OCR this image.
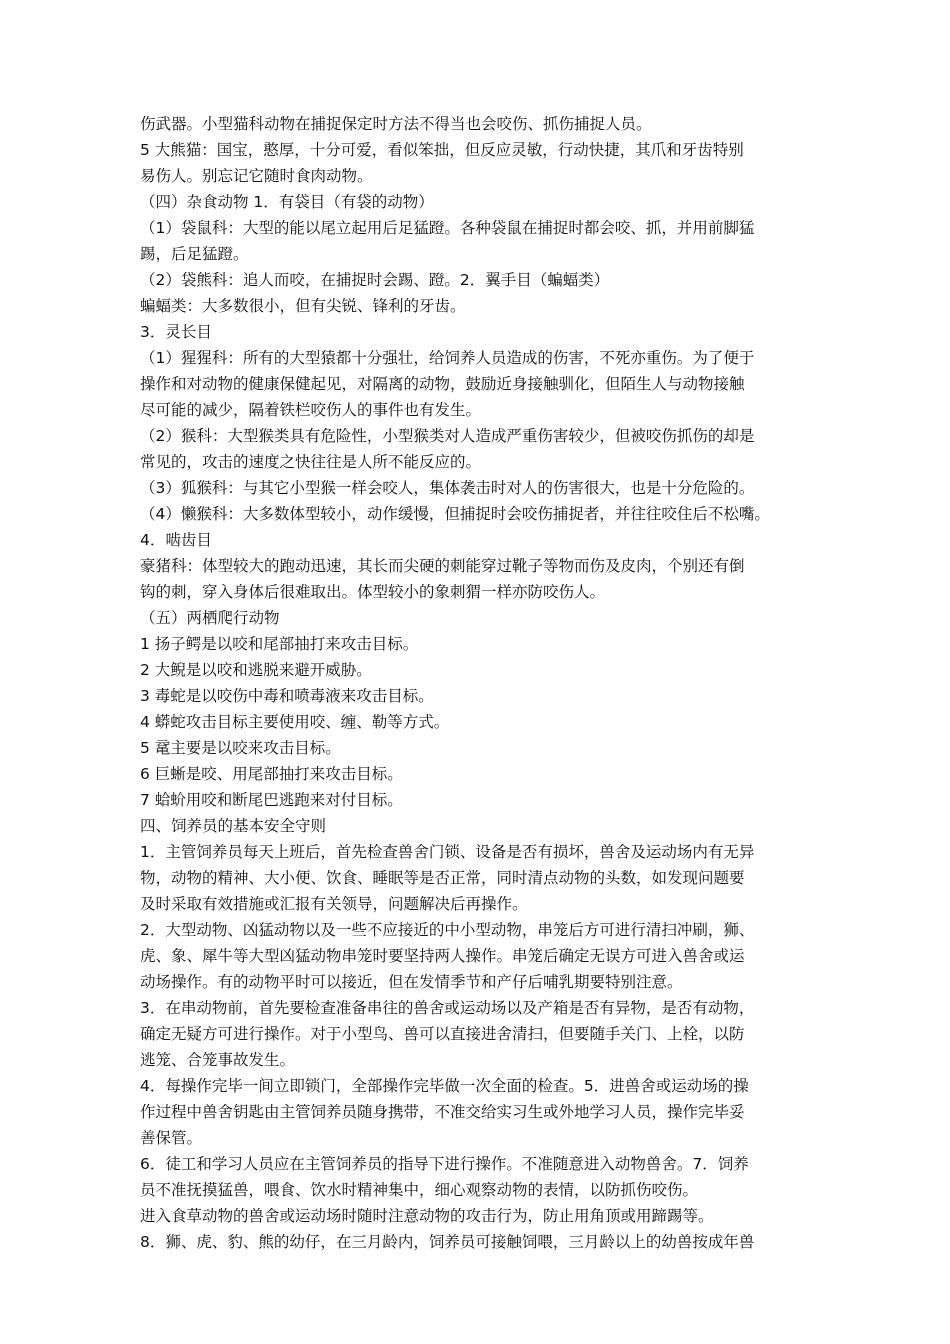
伤武器。小型猫科动物在捕捉保定时方法不得当也会咬伤、抓伤捕捉人员。
5 大熊猫：国宝，憨厚，十分可爱，看似笨拙，但反应灵敏，行动快捷，其爪和牙齿特别
易伤人。别忘记它随时食肉动物。
（四）杂食动物 1．有袋目（有袋的动物）
（1）袋鼠科：大型的能以尾立起用后足猛蹬。各种袋鼠在捕捉时都会咬、抓，并用前脚猛
踢，后足猛蹬。
（2）袋熊科：追人而咬，在捕捉时会踢、蹬。2．翼手目（蝙蝠类）
蝙蝠类：大多数很小，但有尖锐、锋利的牙齿。
3．灵长目
（1）猩猩科：所有的大型猿都十分强壮，给饲养人员造成的伤害，不死亦重伤。为了便于
操作和对动物的健康保健起见，对隔离的动物，鼓励近身接触驯化，但陌生人与动物接触
尽可能的减少，隔着铁栏咬伤人的事件也有发生。
（2）猴科：大型猴类具有危险性，小型猴类对人造成严重伤害较少，但被咬伤抓伤的却是
常见的，攻击的速度之快往往是人所不能反应的。
（3）狐猴科：与其它小型猴一样会咬人，集体袭击时对人的伤害很大，也是十分危险的。
（4）懒猴科：大多数体型较小，动作缓慢，但捕捉时会咬伤捕捉者，并往往咬住后不松嘴。
4．啮齿目
豪猪科：体型较大的跑动迅速，其长而尖硬的刺能穿过靴子等物而伤及皮肉，个别还有倒
钩的刺，穿入身体后很难取出。体型较小的象刺猬一样亦防咬伤人。
（五）两栖爬行动物
1 扬子鳄是以咬和尾部抽打来攻击目标。
2 大鲵是以咬和逃脱来避开威胁。
3 毒蛇是以咬伤中毒和喷毒液来攻击目标。
4 蟒蛇攻击目标主要使用咬、缠、勒等方式。
5 鼋主要是以咬来攻击目标。
6 巨蜥是咬、用尾部抽打来攻击目标。
7 蛤蚧用咬和断尾巴逃跑来对付目标。
四、饲养员的基本安全守则
1．主管饲养员每天上班后，首先检查兽舍门锁、设备是否有损坏，兽舍及运动场内有无异
物，动物的精神、大小便、饮食、睡眠等是否正常，同时清点动物的头数，如发现问题要
及时采取有效措施或汇报有关领导，问题解决后再操作。
2．大型动物、凶猛动物以及一些不应接近的中小型动物，串笼后方可进行清扫冲刷，狮、
虎、象、犀牛等大型凶猛动物串笼时要坚持两人操作。串笼后确定无误方可进入兽舍或运
动场操作。有的动物平时可以接近，但在发情季节和产仔后哺乳期要特别注意。
3．在串动物前，首先要检查准备串往的兽舍或运动场以及产箱是否有异物，是否有动物，
确定无疑方可进行操作。对于小型鸟、兽可以直接进舍清扫，但要随手关门、上栓，以防
逃笼、合笼事故发生。
4．每操作完毕一间立即锁门，全部操作完毕做一次全面的检查。5．进兽舍或运动场的操
作过程中兽舍钥匙由主管饲养员随身携带，不准交给实习生或外地学习人员，操作完毕妥
善保管。
6．徒工和学习人员应在主管饲养员的指导下进行操作。不准随意进入动物兽舍。7．饲养
员不准抚摸猛兽，喂食、饮水时精神集中，细心观察动物的表情，以防抓伤咬伤。
进入食草动物的兽舍或运动场时随时注意动物的攻击行为，防止用角顶或用蹄踢等。
8．狮、虎、豹、熊的幼仔，在三月龄内，饲养员可接触饲喂，三月龄以上的幼兽按成年兽
